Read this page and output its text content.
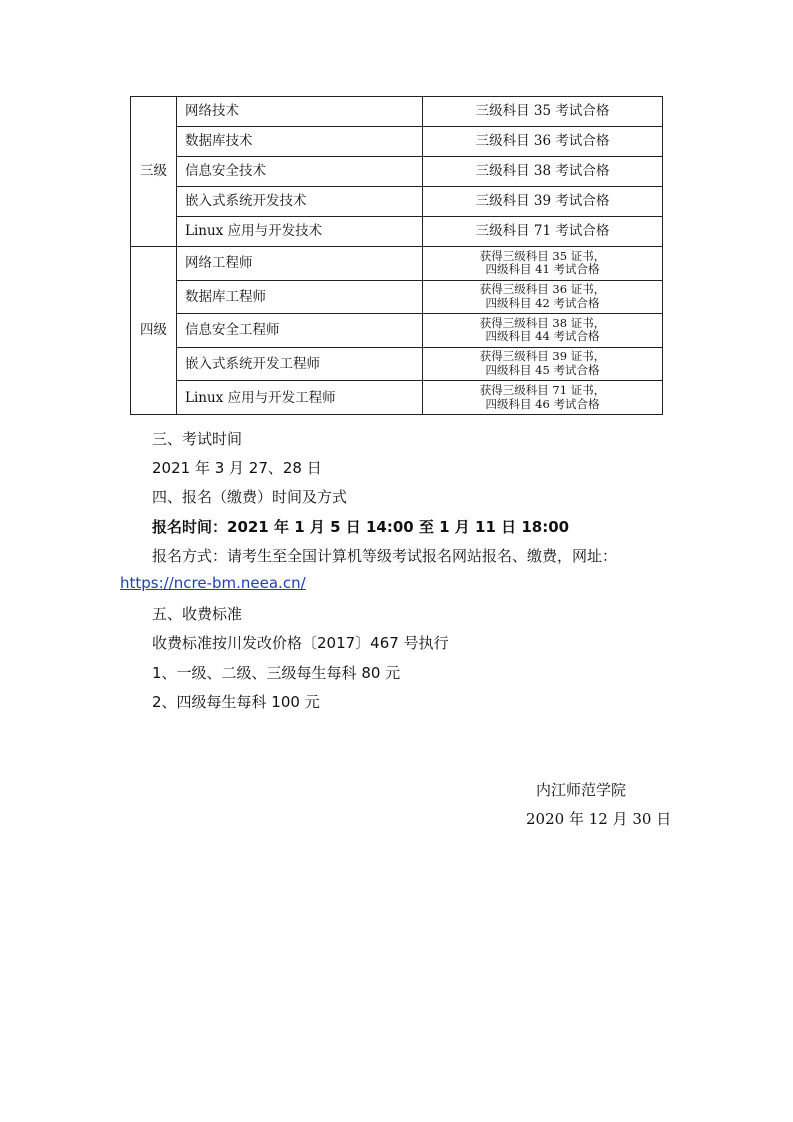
三级	网络技术	三级科目 35 考试合格
	数据库技术	三级科目 36 考试合格
	信息安全技术	三级科目 38 考试合格
	嵌入式系统开发技术	三级科目 39 考试合格
	Linux 应用与开发技术	三级科目 71 考试合格
四级	网络工程师	获得三级科目 35 证书，
四级科目 41 考试合格

	数据库工程师	获得三级科目 36 证书，
四级科目 42 考试合格

	信息安全工程师	获得三级科目 38 证书，
四级科目 44 考试合格

	嵌入式系统开发工程师	获得三级科目 39 证书，
四级科目 45 考试合格

	Linux 应用与开发工程师	获得三级科目 71 证书，
四级科目 46 考试合格
三、考试时间
2021 年 3 月 27、28 日
四、报名（缴费）时间及方式
报名时间：2021 年 1 月 5 日 14:00 至 1 月 11 日 18:00
报名方式：请考生至全国计算机等级考试报名网站报名、缴费，网址：
https://ncre-bm.neea.cn/
五、收费标准
收费标准按川发改价格〔2017〕467 号执行
1、一级、二级、三级每生每科 80 元
2、四级每生每科 100 元
内江师范学院
2020 年 12 月 30 日
